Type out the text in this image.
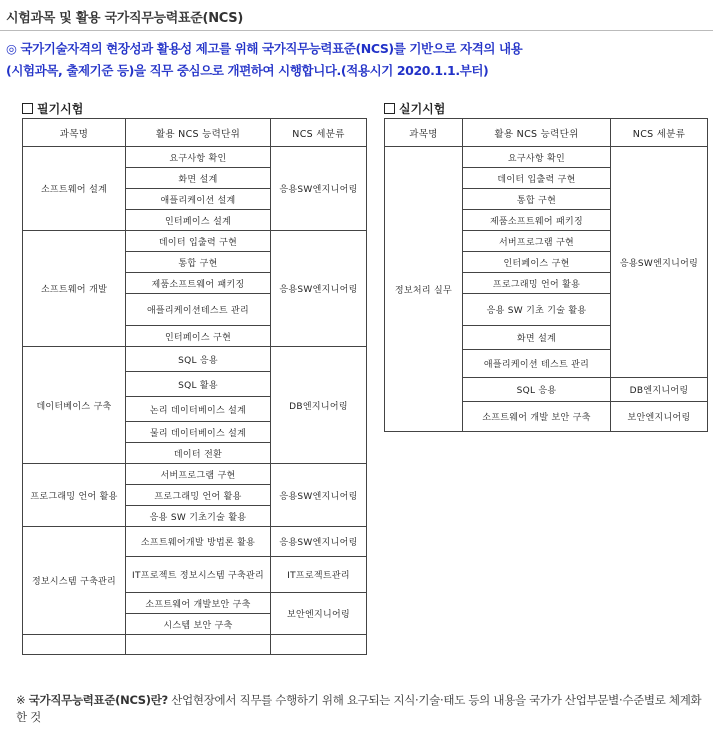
시험과목 및 활용 국가직무능력표준(NCS)
◎ 국가기술자격의 현장성과 활용성 제고를 위해 국가직무능력표준(NCS)를 기반으로 자격의 내용
(시험과목, 출제기준 등)을 직무 중심으로 개편하여 시행합니다.(적용시기 2020.1.1.부터)
필기시험
과목명	활용 NCS 능력단위	NCS 세분류
소프트웨어 설계	요구사항 확인	응용SW엔지니어링
	화면 설계	
	애플리케이션 설계	
	인터페이스 설계	
소프트웨어 개발	데이터 입출력 구현	응용SW엔지니어링
	통합 구현	
	제품소프트웨어 패키징	
	애플리케이션테스트 관리	
	인터페이스 구현	
데이터베이스 구축	SQL 응용	DB엔지니어링
	SQL 활용	
	논리 데이터베이스 설계	
	물리 데이터베이스 설계	
	데이터 전환	
프로그래밍 언어 활용	서버프로그램 구현	응용SW엔지니어링
	프로그래밍 언어 활용	
	응용 SW 기초기술 활용	
정보시스템 구축관리	소프트웨어개발 방법론 활용	응용SW엔지니어링
	IT프로젝트 정보시스템 구축관리	IT프로젝트관리
	소프트웨어 개발보안 구축	보안엔지니어링
	시스템 보안 구축	

실기시험
과목명	활용 NCS 능력단위	NCS 세분류
정보처리 실무	요구사항 확인	응용SW엔지니어링
	데이터 입출력 구현	
	통합 구현	
	제품소프트웨어 패키징	
	서버프로그램 구현	
	인터페이스 구현	
	프로그래밍 언어 활용	
	응용 SW 기초 기술 활용	
	화면 설계	
	애플리케이션 테스트 관리	
	SQL 응용	DB엔지니어링
	소프트웨어 개발 보안 구축	보안엔지니어링
※ 국가직무능력표준(NCS)란? 산업현장에서 직무를 수행하기 위해 요구되는 지식·기술·태도 등의 내용을 국가가 산업부문별·수준별로 체계화한 것
